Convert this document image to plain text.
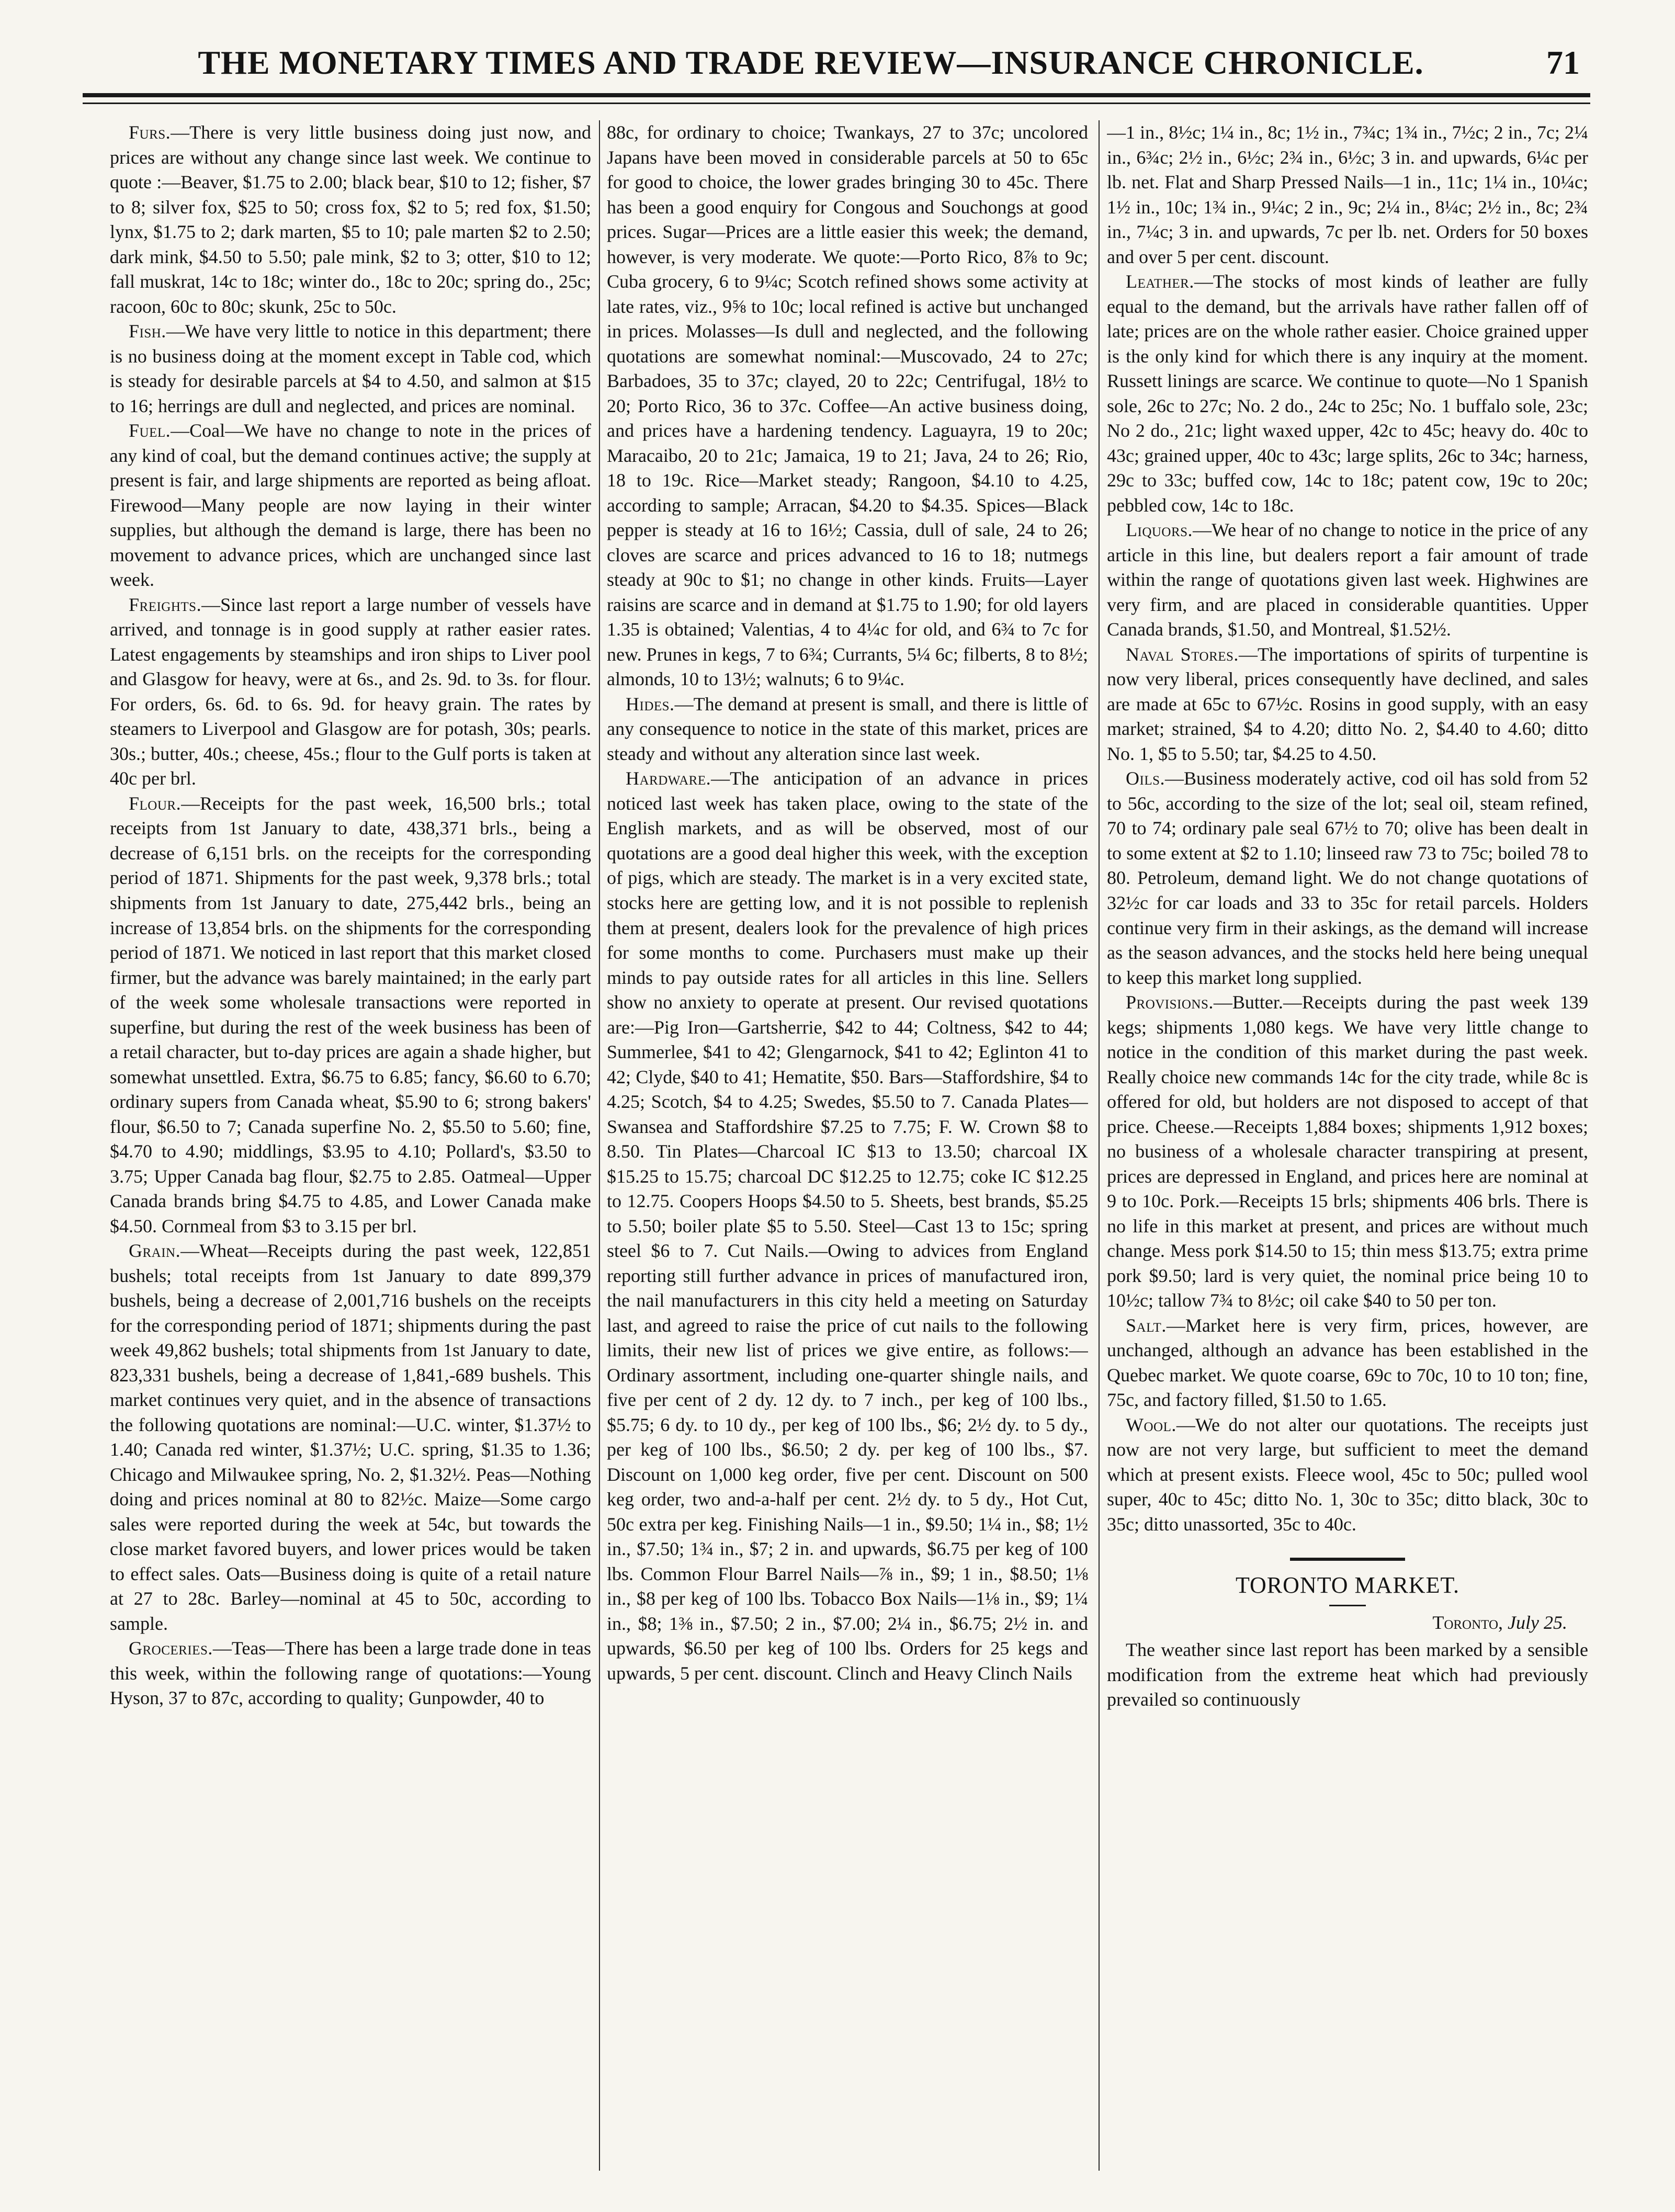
THE MONETARY TIMES AND TRADE REVIEW—INSURANCE CHRONICLE.	71

Furs.—There is very little business doing just now, and prices are without any change since last week. We continue to quote :—Beaver, $1.75 to 2.00; black bear, $10 to 12; fisher, $7 to 8; silver fox, $25 to 50; cross fox, $2 to 5; red fox, $1.50; lynx, $1.75 to 2; dark marten, $5 to 10; pale marten $2 to 2.50; dark mink, $4.50 to 5.50; pale mink, $2 to 3; otter, $10 to 12; fall muskrat, 14c to 18c; winter do., 18c to 20c; spring do., 25c; racoon, 60c to 80c; skunk, 25c to 50c.

Fish.—We have very little to notice in this department; there is no business doing at the moment except in Table cod, which is steady for desirable parcels at $4 to 4.50, and salmon at $15 to 16; herrings are dull and neglected, and prices are nominal.

Fuel.—Coal—We have no change to note in the prices of any kind of coal, but the demand continues active; the supply at present is fair, and large shipments are reported as being afloat. Firewood—Many people are now laying in their winter supplies, but although the demand is large, there has been no movement to advance prices, which are unchanged since last week.

Freights.—Since last report a large number of vessels have arrived, and tonnage is in good supply at rather easier rates. Latest engagements by steamships and iron ships to Liver pool and Glasgow for heavy, were at 6s., and 2s. 9d. to 3s. for flour. For orders, 6s. 6d. to 6s. 9d. for heavy grain. The rates by steamers to Liverpool and Glasgow are for potash, 30s; pearls. 30s.; butter, 40s.; cheese, 45s.; flour to the Gulf ports is taken at 40c per brl.

Flour.—Receipts for the past week, 16,500 brls.; total receipts from 1st January to date, 438,371 brls., being a decrease of 6,151 brls. on the receipts for the corresponding period of 1871. Shipments for the past week, 9,378 brls.; total shipments from 1st January to date, 275,442 brls., being an increase of 13,854 brls. on the shipments for the corresponding period of 1871. We noticed in last report that this market closed firmer, but the advance was barely maintained; in the early part of the week some wholesale transactions were reported in superfine, but during the rest of the week business has been of a retail character, but to-day prices are again a shade higher, but somewhat unsettled. Extra, $6.75 to 6.85; fancy, $6.60 to 6.70; ordinary supers from Canada wheat, $5.90 to 6; strong bakers' flour, $6.50 to 7; Canada superfine No. 2, $5.50 to 5.60; fine, $4.70 to 4.90; middlings, $3.95 to 4.10; Pollard's, $3.50 to 3.75; Upper Canada bag flour, $2.75 to 2.85. Oatmeal—Upper Canada brands bring $4.75 to 4.85, and Lower Canada make $4.50. Cornmeal from $3 to 3.15 per brl.

Grain.—Wheat—Receipts during the past week, 122,851 bushels; total receipts from 1st January to date 899,379 bushels, being a decrease of 2,001,716 bushels on the receipts for the corresponding period of 1871; shipments during the past week 49,862 bushels; total shipments from 1st January to date, 823,331 bushels, being a decrease of 1,841,-689 bushels. This market continues very quiet, and in the absence of transactions the following quotations are nominal:—U.C. winter, $1.37½ to 1.40; Canada red winter, $1.37½; U.C. spring, $1.35 to 1.36; Chicago and Milwaukee spring, No. 2, $1.32½. Peas—Nothing doing and prices nominal at 80 to 82½c. Maize—Some cargo sales were reported during the week at 54c, but towards the close market favored buyers, and lower prices would be taken to effect sales. Oats—Business doing is quite of a retail nature at 27 to 28c. Barley—nominal at 45 to 50c, according to sample.

Groceries.—Teas—There has been a large trade done in teas this week, within the following range of quotations:—Young Hyson, 37 to 87c, according to quality; Gunpowder, 40 to

88c, for ordinary to choice; Twankays, 27 to 37c; uncolored Japans have been moved in considerable parcels at 50 to 65c for good to choice, the lower grades bringing 30 to 45c. There has been a good enquiry for Congous and Souchongs at good prices. Sugar—Prices are a little easier this week; the demand, however, is very moderate. We quote:—Porto Rico, 8⅞ to 9c; Cuba grocery, 6 to 9¼c; Scotch refined shows some activity at late rates, viz., 9⅝ to 10c; local refined is active but unchanged in prices. Molasses—Is dull and neglected, and the following quotations are somewhat nominal:—Muscovado, 24 to 27c; Barbadoes, 35 to 37c; clayed, 20 to 22c; Centrifugal, 18½ to 20; Porto Rico, 36 to 37c. Coffee—An active business doing, and prices have a hardening tendency. Laguayra, 19 to 20c; Maracaibo, 20 to 21c; Jamaica, 19 to 21; Java, 24 to 26; Rio, 18 to 19c. Rice—Market steady; Rangoon, $4.10 to 4.25, according to sample; Arracan, $4.20 to $4.35. Spices—Black pepper is steady at 16 to 16½; Cassia, dull of sale, 24 to 26; cloves are scarce and prices advanced to 16 to 18; nutmegs steady at 90c to $1; no change in other kinds. Fruits—Layer raisins are scarce and in demand at $1.75 to 1.90; for old layers 1.35 is obtained; Valentias, 4 to 4¼c for old, and 6¾ to 7c for new. Prunes in kegs, 7 to 6¾; Currants, 5¼ 6c; filberts, 8 to 8½; almonds, 10 to 13½; walnuts; 6 to 9¼c.

Hides.—The demand at present is small, and there is little of any consequence to notice in the state of this market, prices are steady and without any alteration since last week.

Hardware.—The anticipation of an advance in prices noticed last week has taken place, owing to the state of the English markets, and as will be observed, most of our quotations are a good deal higher this week, with the exception of pigs, which are steady. The market is in a very excited state, stocks here are getting low, and it is not possible to replenish them at present, dealers look for the prevalence of high prices for some months to come. Purchasers must make up their minds to pay outside rates for all articles in this line. Sellers show no anxiety to operate at present. Our revised quotations are:—Pig Iron—Gartsherrie, $42 to 44; Coltness, $42 to 44; Summerlee, $41 to 42; Glengarnock, $41 to 42; Eglinton 41 to 42; Clyde, $40 to 41; Hematite, $50. Bars—Staffordshire, $4 to 4.25; Scotch, $4 to 4.25; Swedes, $5.50 to 7. Canada Plates—Swansea and Staffordshire $7.25 to 7.75; F. W. Crown $8 to 8.50. Tin Plates—Charcoal IC $13 to 13.50; charcoal IX $15.25 to 15.75; charcoal DC $12.25 to 12.75; coke IC $12.25 to 12.75. Coopers Hoops $4.50 to 5. Sheets, best brands, $5.25 to 5.50; boiler plate $5 to 5.50. Steel—Cast 13 to 15c; spring steel $6 to 7. Cut Nails.—Owing to advices from England reporting still further advance in prices of manufactured iron, the nail manufacturers in this city held a meeting on Saturday last, and agreed to raise the price of cut nails to the following limits, their new list of prices we give entire, as follows:—Ordinary assortment, including one-quarter shingle nails, and five per cent of 2 dy. 12 dy. to 7 inch., per keg of 100 lbs., $5.75; 6 dy. to 10 dy., per keg of 100 lbs., $6; 2½ dy. to 5 dy., per keg of 100 lbs., $6.50; 2 dy. per keg of 100 lbs., $7. Discount on 1,000 keg order, five per cent. Discount on 500 keg order, two and-a-half per cent. 2½ dy. to 5 dy., Hot Cut, 50c extra per keg. Finishing Nails—1 in., $9.50; 1¼ in., $8; 1½ in., $7.50; 1¾ in., $7; 2 in. and upwards, $6.75 per keg of 100 lbs. Common Flour Barrel Nails—⅞ in., $9; 1 in., $8.50; 1⅛ in., $8 per keg of 100 lbs. Tobacco Box Nails—1⅛ in., $9; 1¼ in., $8; 1⅜ in., $7.50; 2 in., $7.00; 2¼ in., $6.75; 2½ in. and upwards, $6.50 per keg of 100 lbs. Orders for 25 kegs and upwards, 5 per cent. discount. Clinch and Heavy Clinch Nails

—1 in., 8½c; 1¼ in., 8c; 1½ in., 7¾c; 1¾ in., 7½c; 2 in., 7c; 2¼ in., 6¾c; 2½ in., 6½c; 2¾ in., 6½c; 3 in. and upwards, 6¼c per lb. net. Flat and Sharp Pressed Nails—1 in., 11c; 1¼ in., 10¼c; 1½ in., 10c; 1¾ in., 9¼c; 2 in., 9c; 2¼ in., 8¼c; 2½ in., 8c; 2¾ in., 7¼c; 3 in. and upwards, 7c per lb. net. Orders for 50 boxes and over 5 per cent. discount.

Leather.—The stocks of most kinds of leather are fully equal to the demand, but the arrivals have rather fallen off of late; prices are on the whole rather easier. Choice grained upper is the only kind for which there is any inquiry at the moment. Russett linings are scarce. We continue to quote—No 1 Spanish sole, 26c to 27c; No. 2 do., 24c to 25c; No. 1 buffalo sole, 23c; No 2 do., 21c; light waxed upper, 42c to 45c; heavy do. 40c to 43c; grained upper, 40c to 43c; large splits, 26c to 34c; harness, 29c to 33c; buffed cow, 14c to 18c; patent cow, 19c to 20c; pebbled cow, 14c to 18c.

Liquors.—We hear of no change to notice in the price of any article in this line, but dealers report a fair amount of trade within the range of quotations given last week. Highwines are very firm, and are placed in considerable quantities. Upper Canada brands, $1.50, and Montreal, $1.52½.

Naval Stores.—The importations of spirits of turpentine is now very liberal, prices consequently have declined, and sales are made at 65c to 67½c. Rosins in good supply, with an easy market; strained, $4 to 4.20; ditto No. 2, $4.40 to 4.60; ditto No. 1, $5 to 5.50; tar, $4.25 to 4.50.

Oils.—Business moderately active, cod oil has sold from 52 to 56c, according to the size of the lot; seal oil, steam refined, 70 to 74; ordinary pale seal 67½ to 70; olive has been dealt in to some extent at $2 to 1.10; linseed raw 73 to 75c; boiled 78 to 80. Petroleum, demand light. We do not change quotations of 32½c for car loads and 33 to 35c for retail parcels. Holders continue very firm in their askings, as the demand will increase as the season advances, and the stocks held here being unequal to keep this market long supplied.

Provisions.—Butter.—Receipts during the past week 139 kegs; shipments 1,080 kegs. We have very little change to notice in the condition of this market during the past week. Really choice new commands 14c for the city trade, while 8c is offered for old, but holders are not disposed to accept of that price. Cheese.—Receipts 1,884 boxes; shipments 1,912 boxes; no business of a wholesale character transpiring at present, prices are depressed in England, and prices here are nominal at 9 to 10c. Pork.—Receipts 15 brls; shipments 406 brls. There is no life in this market at present, and prices are without much change. Mess pork $14.50 to 15; thin mess $13.75; extra prime pork $9.50; lard is very quiet, the nominal price being 10 to 10½c; tallow 7¾ to 8½c; oil cake $40 to 50 per ton.

Salt.—Market here is very firm, prices, however, are unchanged, although an advance has been established in the Quebec market. We quote coarse, 69c to 70c, 10 to 10 ton; fine, 75c, and factory filled, $1.50 to 1.65.

Wool.—We do not alter our quotations. The receipts just now are not very large, but sufficient to meet the demand which at present exists. Fleece wool, 45c to 50c; pulled wool super, 40c to 45c; ditto No. 1, 30c to 35c; ditto black, 30c to 35c; ditto unassorted, 35c to 40c.

TORONTO MARKET.
Toronto, July 25.

The weather since last report has been marked by a sensible modification from the extreme heat which had previously prevailed so continuously
